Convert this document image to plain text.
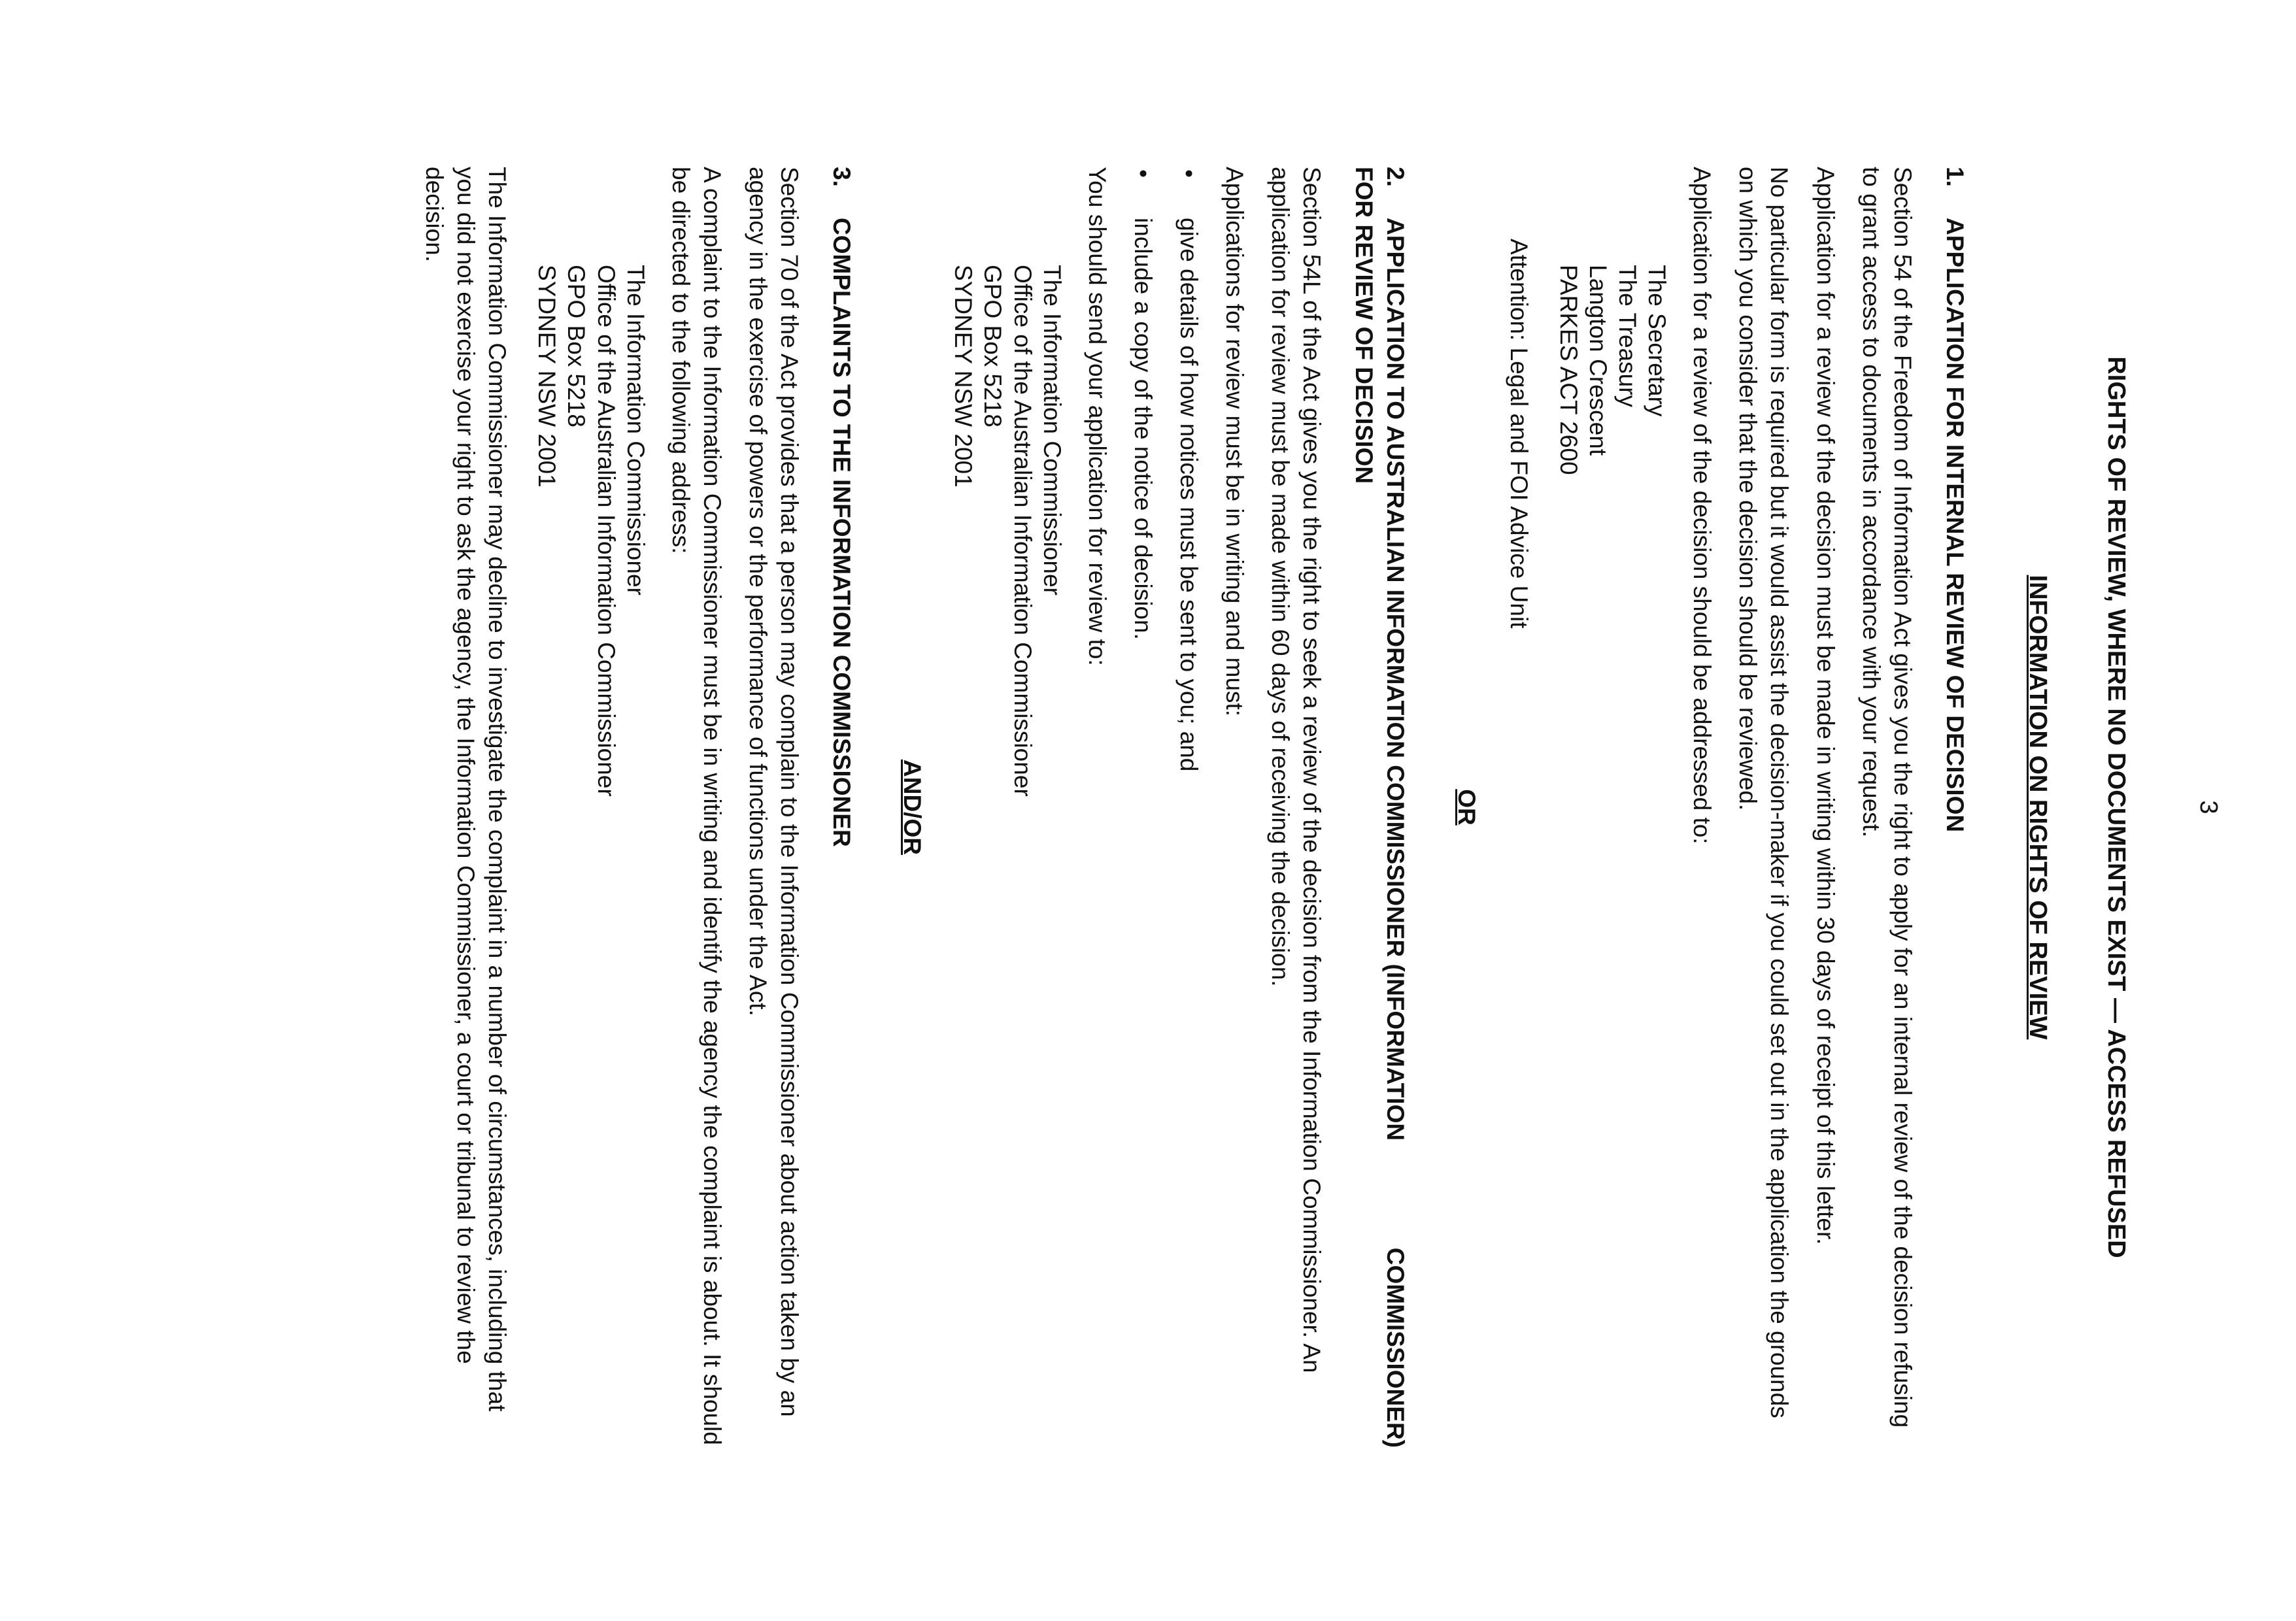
3
RIGHTS OF REVIEW, WHERE NO DOCUMENTS EXIST — ACCESS REFUSED
INFORMATION ON RIGHTS OF REVIEW
1.
APPLICATION FOR INTERNAL REVIEW OF DECISION

Section 54 of the Freedom of Information Act gives you the right to apply for an internal review of the decision refusing to grant access to documents in accordance with your request.

Application for a review of the decision must be made in writing within 30 days of receipt of this letter.

No particular form is required but it would assist the decision-maker if you could set out in the application the grounds on which you consider that the decision should be reviewed.

Application for a review of the decision should be addressed to:

The Secretary
The Treasury
Langton Crescent
PARKES ACT 2600
Attention: Legal and FOI Advice Unit
OR
2.
APPLICATION TO AUSTRALIAN INFORMATION COMMISSIONER (INFORMATION
COMMISSIONER)
FOR REVIEW OF DECISION

Section 54L of the Act gives you the right to seek a review of the decision from the Information Commissioner. An application for review must be made within 60 days of receiving the decision.

Applications for review must be in writing and must:

• give details of how notices must be sent to you; and
• include a copy of the notice of decision.

You should send your application for review to:

The Information Commissioner
Office of the Australian Information Commissioner
GPO Box 5218
SYDNEY NSW 2001
AND/OR
3.
COMPLAINTS TO THE INFORMATION COMMISSIONER

Section 70 of the Act provides that a person may complain to the Information Commissioner about action taken by an agency in the exercise of powers or the performance of functions under the Act.

A complaint to the Information Commissioner must be in writing and identify the agency the complaint is about. It should be directed to the following address:

The Information Commissioner
Office of the Australian Information Commissioner
GPO Box 5218
SYDNEY NSW 2001

The Information Commissioner may decline to investigate the complaint in a number of circumstances, including that you did not exercise your right to ask the agency, the Information Commissioner, a court or tribunal to review the decision.
